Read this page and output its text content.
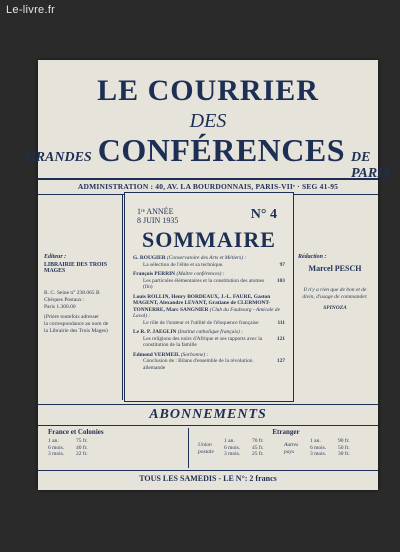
Le-livre.fr
LE COURRIER
DES
GRANDES CONFÉRENCES DE PARIS
ADMINISTRATION : 40, AV. LA BOURDONNAIS, PARIS-VIIᵉ · SEG 41-95
Editeur :
LIBRAIRIE DES TROIS MAGES
R. C. Seine n° 238.065 B
Chèques Postaux :
Paris 1.300.00
(Prière toutefois adresser
la correspondance au nom de
la Librairie des Trois Mages)
1ʳᵉ ANNÉE
8 JUIN 1935	N° 4
SOMMAIRE
G. ROUGIER (Conservatoire des Arts et Métiers) :
La sélection de l'élite et sa technique.	97
François PERRIN (Maître conférences) :
Les particules élémentaires et la constitution des atomes (fin)
103
Louis ROLLIN, Henry BORDEAUX, J.-L. FAURE, Gaston MAGENT, Alexandre LEVANT, Gratiane de CLERMONT-TONNERRE, Marc SANGNIER (Club du Faubourg - Amicale de Laval) :
Le rôle de l'orateur et l'utilité de l'éloquence française	111
Le R. P. JAEGLIN (Institut catholique français) :
Les religions des noirs d'Afrique et ses rapports avec la constitution de la famille
121
Edmond VERMEIL (Sorbonne) :
Conclusion de : Bilans d'ensemble de la révolution allemande
127
Rédaction :
Marcel PESCH
Il n'y a rien que de bon et de divin, d'usage de commander.
SPINOZA
ABONNEMENTS
France et Colonies
1 an.	75 fr.
6 mois.	40 fr.
3 mois.	22 fr.
Etranger
Union postale
1 an.	70 fr.
6 mois.	45 fr.
3 mois.	25 fr.
Autres pays
1 an.	90 fr.
6 mois.	50 fr.
3 mois.	30 fr.
TOUS LES SAMEDIS - LE N°: 2 francs
